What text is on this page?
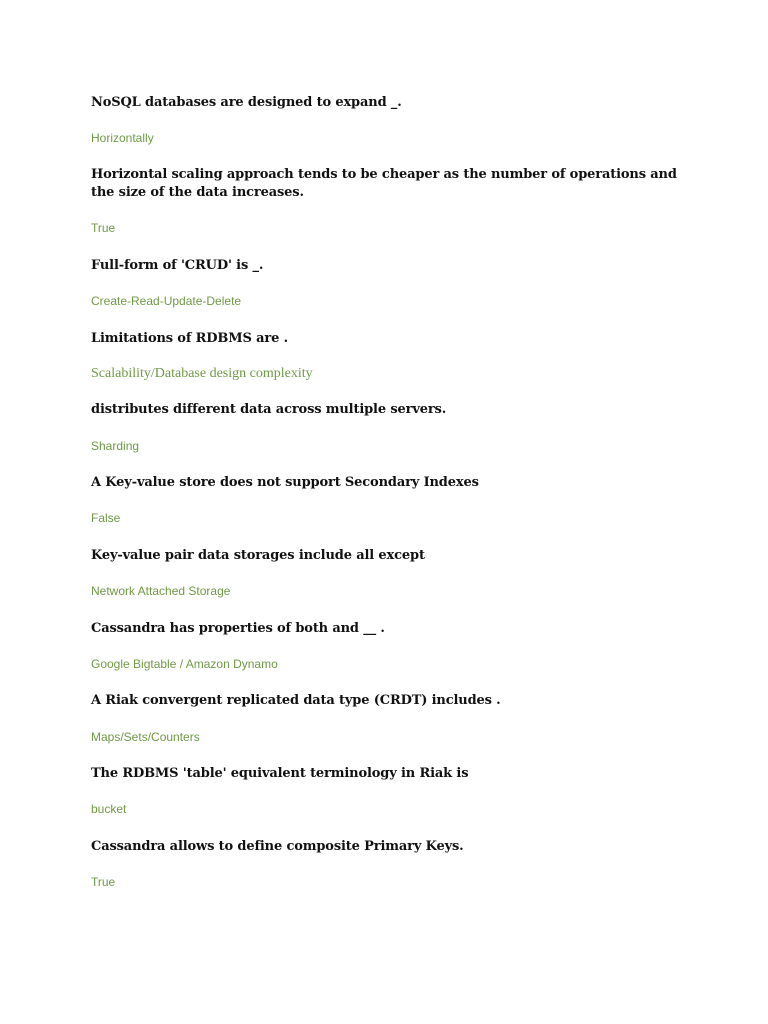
NoSQL databases are designed to expand _.

Horizontally

Horizontal scaling approach tends to be cheaper as the number of operations and the size of the data increases.

True

Full-form of 'CRUD' is _.

Create-Read-Update-Delete

Limitations of RDBMS are .

Scalability/Database design complexity

distributes different data across multiple servers.

Sharding

A Key-value store does not support Secondary Indexes

False

Key-value pair data storages include all except

Network Attached Storage

Cassandra has properties of both and __ .

Google Bigtable / Amazon Dynamo

A Riak convergent replicated data type (CRDT) includes .

Maps/Sets/Counters

The RDBMS 'table' equivalent terminology in Riak is

bucket

Cassandra allows to define composite Primary Keys.

True
